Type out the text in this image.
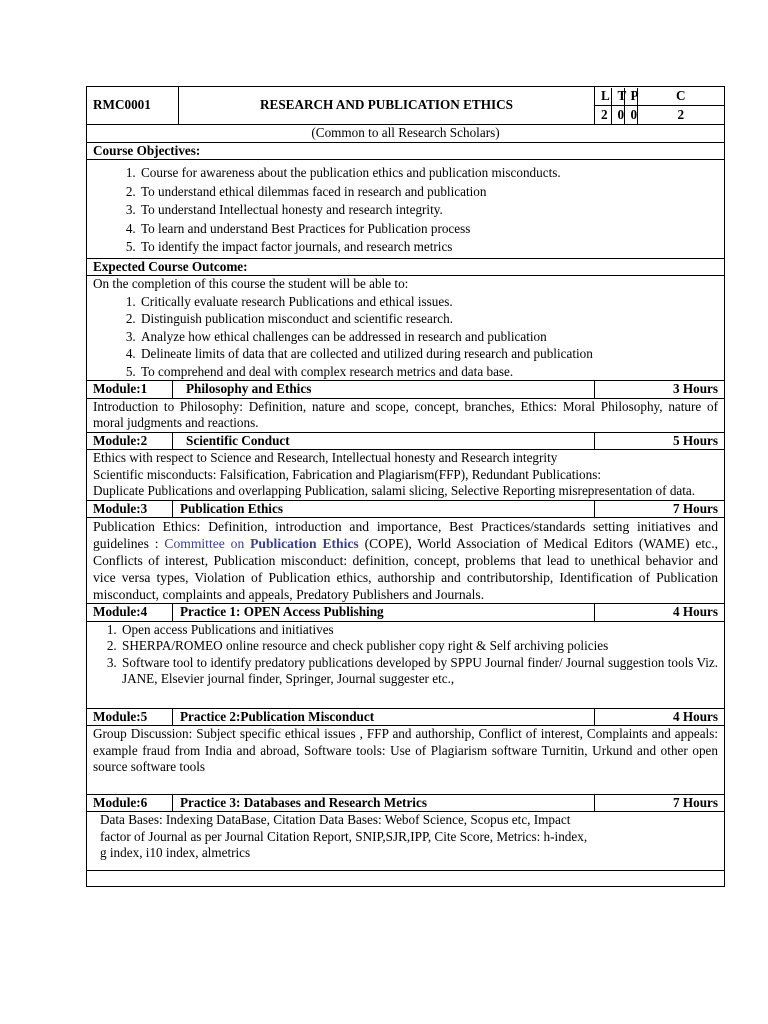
RMC0001	RESEARCH AND PUBLICATION ETHICS	
L	T	P	C
2	0	0	2

(Common to all Research Scholars)
Course Objectives:

1. Course for awareness about the publication ethics and publication misconducts.
2. To understand ethical dilemmas faced in research and publication
3. To understand Intellectual honesty and research integrity.
4. To learn and understand Best Practices for Publication process
5. To identify the impact factor journals, and research metrics

Expected Course Outcome:

On the completion of this course the student will be able to:
1. Critically evaluate research Publications and ethical issues.
2. Distinguish publication misconduct and scientific research.
3. Analyze how ethical challenges can be addressed in research and publication
4. Delineate limits of data that are collected and utilized during research and publication
5. To comprehend and deal with complex research metrics and data base.

Module:1	Philosophy and Ethics	3 Hours
Introduction to Philosophy: Definition, nature and scope, concept, branches, Ethics: Moral Philosophy, nature of moral judgments and reactions.
Module:2	Scientific Conduct	5 Hours

Ethics with respect to Science and Research, Intellectual honesty and Research integrity
Scientific misconducts: Falsification, Fabrication and Plagiarism(FFP), Redundant Publications:
Duplicate Publications and overlapping Publication, salami slicing, Selective Reporting misrepresentation of data.

Module:3	Publication Ethics	7 Hours
Publication Ethics: Definition, introduction and importance, Best Practices/standards setting initiatives and guidelines : Committee on Publication Ethics (COPE), World Association of Medical Editors (WAME) etc., Conflicts of interest, Publication misconduct: definition, concept, problems that lead to unethical behavior and vice versa types, Violation of Publication ethics, authorship and contributorship, Identification of Publication misconduct, complaints and appeals, Predatory Publishers and Journals.
Module:4	Practice 1: OPEN Access Publishing	4 Hours

1. Open access Publications and initiatives
2. SHERPA/ROMEO online resource and check publisher copy right & Self archiving policies
3. Software tool to identify predatory publications developed by SPPU Journal finder/ Journal suggestion tools Viz. JANE, Elsevier journal finder, Springer, Journal suggester etc.,

Module:5	Practice 2:Publication Misconduct	4 Hours
Group Discussion: Subject specific ethical issues , FFP and authorship, Conflict of interest, Complaints and appeals: example fraud from India and abroad, Software tools: Use of Plagiarism software Turnitin, Urkund and other open source software tools
Module:6	Practice 3: Databases and Research Metrics	7 Hours

Data Bases: Indexing DataBase, Citation Data Bases: Webof Science, Scopus etc, Impact
factor of Journal as per Journal Citation Report, SNIP,SJR,IPP, Cite Score, Metrics: h-index,
g index, i10 index, almetrics
